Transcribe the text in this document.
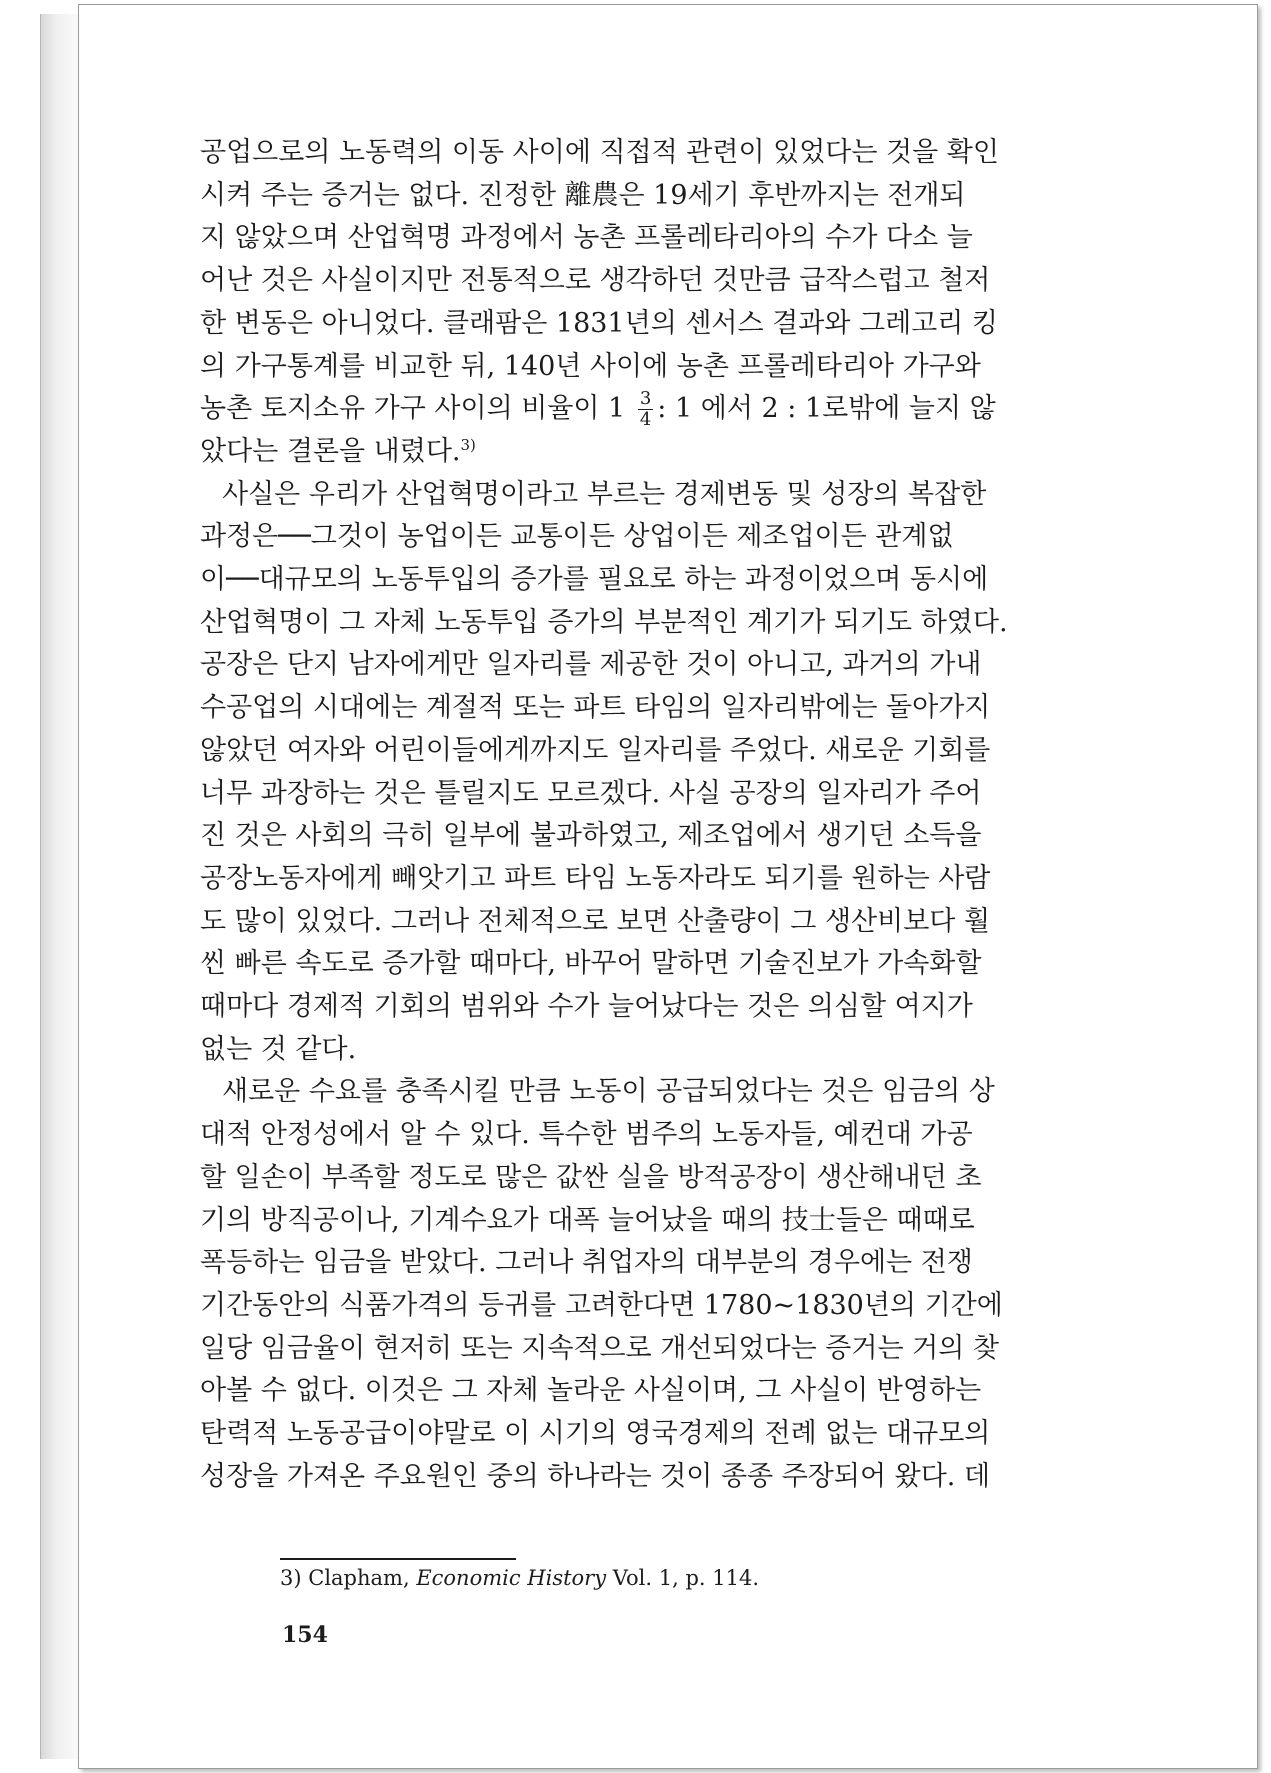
공업으로의 노동력의 이동 사이에 직접적 관련이 있었다는 것을 확인
시켜 주는 증거는 없다. 진정한 離農은 19세기 후반까지는 전개되
지 않았으며 산업혁명 과정에서 농촌 프롤레타리아의 수가 다소 늘
어난 것은 사실이지만 전통적으로 생각하던 것만큼 급작스럽고 철저
한 변동은 아니었다. 클래팜은 1831년의 센서스 결과와 그레고리 킹
의 가구통계를 비교한 뒤, 140년 사이에 농촌 프롤레타리아 가구와
농촌 토지소유 가구 사이의 비율이 $1 \frac{3}{4}$ : 1 에서 2 : 1로밖에 늘지 않
았다는 결론을 내렸다.$^{3)}$

사실은 우리가 산업혁명이라고 부르는 경제변동 및 성장의 복잡한
과정은──그것이 농업이든 교통이든 상업이든 제조업이든 관계없
이──대규모의 노동투입의 증가를 필요로 하는 과정이었으며 동시에
산업혁명이 그 자체 노동투입 증가의 부분적인 계기가 되기도 하였다.
공장은 단지 남자에게만 일자리를 제공한 것이 아니고, 과거의 가내
수공업의 시대에는 계절적 또는 파트 타임의 일자리밖에는 돌아가지
않았던 여자와 어린이들에게까지도 일자리를 주었다. 새로운 기회를
너무 과장하는 것은 틀릴지도 모르겠다. 사실 공장의 일자리가 주어
진 것은 사회의 극히 일부에 불과하였고, 제조업에서 생기던 소득을
공장노동자에게 빼앗기고 파트 타임 노동자라도 되기를 원하는 사람
도 많이 있었다. 그러나 전체적으로 보면 산출량이 그 생산비보다 훨
씬 빠른 속도로 증가할 때마다, 바꾸어 말하면 기술진보가 가속화할
때마다 경제적 기회의 범위와 수가 늘어났다는 것은 의심할 여지가
없는 것 같다.

새로운 수요를 충족시킬 만큼 노동이 공급되었다는 것은 임금의 상
대적 안정성에서 알 수 있다. 특수한 범주의 노동자들, 예컨대 가공
할 일손이 부족할 정도로 많은 값싼 실을 방적공장이 생산해내던 초
기의 방직공이나, 기계수요가 대폭 늘어났을 때의 技士들은 때때로
폭등하는 임금을 받았다. 그러나 취업자의 대부분의 경우에는 전쟁
기간동안의 식품가격의 등귀를 고려한다면 1780~1830년의 기간에
일당 임금율이 현저히 또는 지속적으로 개선되었다는 증거는 거의 찾
아볼 수 없다. 이것은 그 자체 놀라운 사실이며, 그 사실이 반영하는
탄력적 노동공급이야말로 이 시기의 영국경제의 전례 없는 대규모의
성장을 가져온 주요원인 중의 하나라는 것이 종종 주장되어 왔다. 데

3) Clapham, Economic History Vol. 1, p. 114.
154
